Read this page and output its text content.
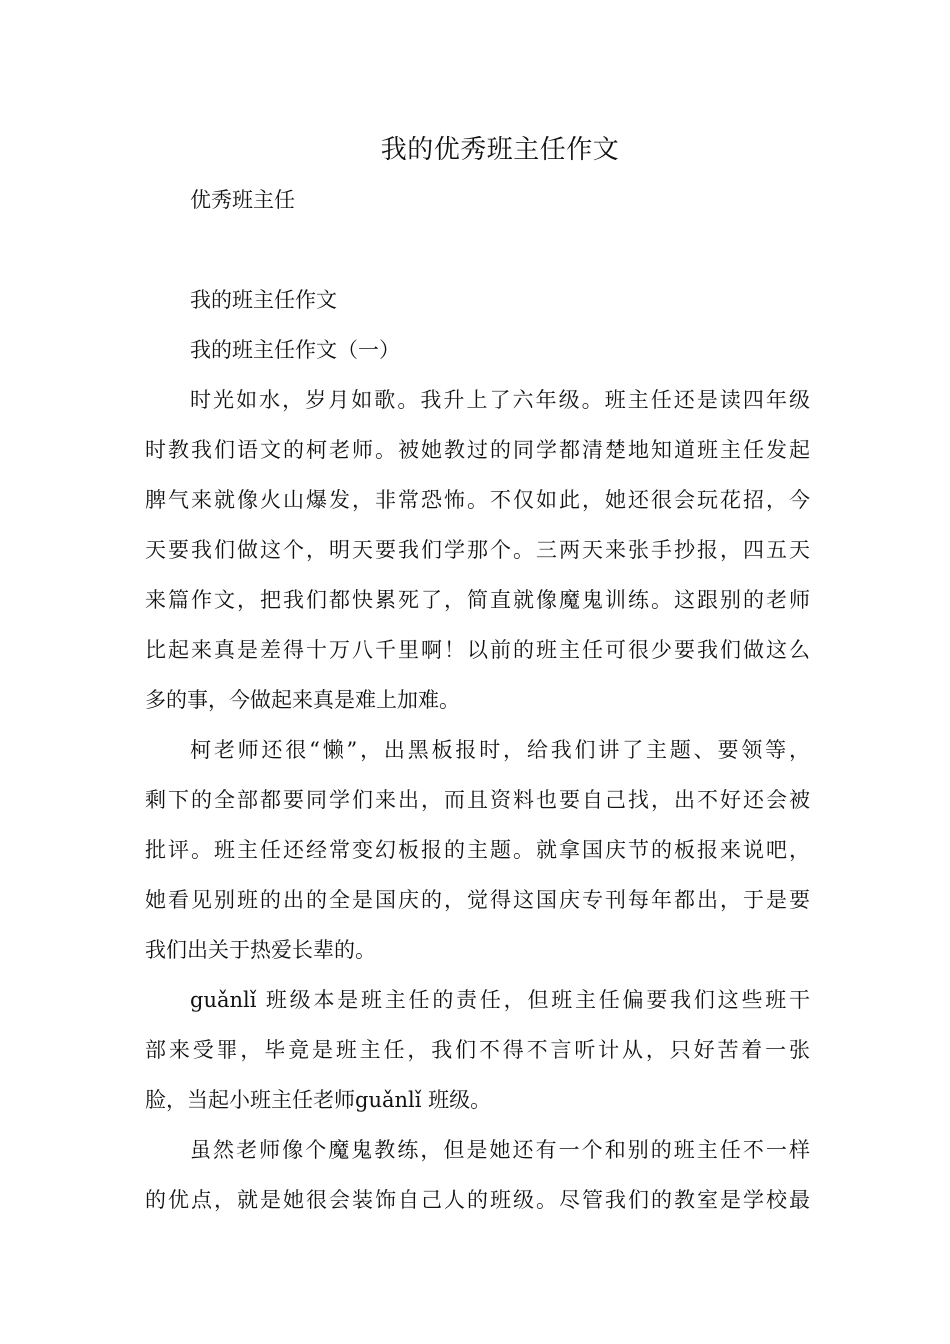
我的优秀班主任作文

优秀班主任

我的班主任作文

我的班主任作文（一）

时光如水，岁月如歌。我升上了六年级。班主任还是读四年级

时教我们语文的柯老师。被她教过的同学都清楚地知道班主任发起

脾气来就像火山爆发，非常恐怖。不仅如此，她还很会玩花招，今

天要我们做这个，明天要我们学那个。三两天来张手抄报，四五天

来篇作文，把我们都快累死了，简直就像魔鬼训练。这跟别的老师

比起来真是差得十万八千里啊！以前的班主任可很少要我们做这么

多的事，今做起来真是难上加难。

柯老师还很“懒”，出黑板报时，给我们讲了主题、要领等，

剩下的全部都要同学们来出，而且资料也要自己找，出不好还会被

批评。班主任还经常变幻板报的主题。就拿国庆节的板报来说吧，

她看见别班的出的全是国庆的，觉得这国庆专刊每年都出，于是要

我们出关于热爱长辈的。

guǎnlǐ 班级本是班主任的责任，但班主任偏要我们这些班干

部来受罪，毕竟是班主任，我们不得不言听计从，只好苦着一张

脸，当起小班主任老师guǎnlǐ 班级。

虽然老师像个魔鬼教练，但是她还有一个和别的班主任不一样

的优点，就是她很会装饰自己人的班级。尽管我们的教室是学校最
